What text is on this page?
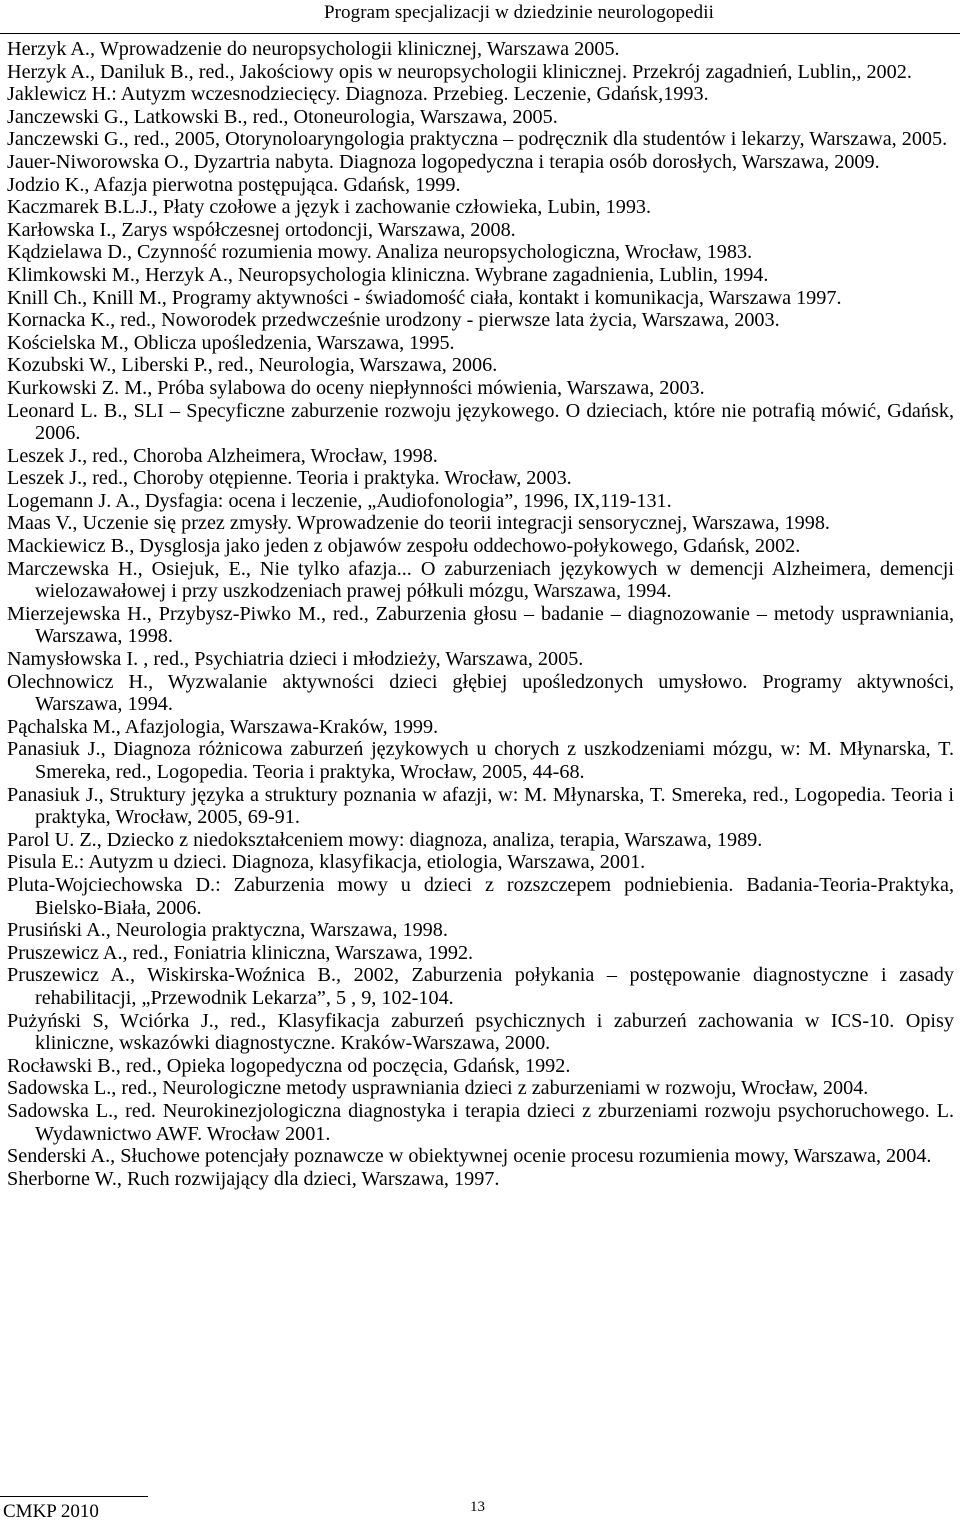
Program specjalizacji w dziedzinie neurologopedii
Herzyk A., Wprowadzenie do neuropsychologii klinicznej, Warszawa 2005.
Herzyk A., Daniluk B., red., Jakościowy opis w neuropsychologii klinicznej. Przekrój zagadnień, Lublin,, 2002.
Jaklewicz H.: Autyzm wczesnodziecięcy. Diagnoza. Przebieg. Leczenie, Gdańsk,1993.
Janczewski G., Latkowski B., red., Otoneurologia, Warszawa, 2005.
Janczewski G., red., 2005, Otorynoloaryngologia praktyczna – podręcznik dla studentów i lekarzy, Warszawa, 2005.
Jauer-Niworowska O., Dyzartria nabyta. Diagnoza logopedyczna i terapia osób dorosłych, Warszawa, 2009.
Jodzio K., Afazja pierwotna postępująca. Gdańsk, 1999.
Kaczmarek B.L.J., Płaty czołowe a język i zachowanie człowieka, Lubin, 1993.
Karłowska I., Zarys współczesnej ortodoncji, Warszawa, 2008.
Kądzielawa D., Czynność rozumienia mowy. Analiza neuropsychologiczna, Wrocław, 1983.
Klimkowski M., Herzyk A., Neuropsychologia kliniczna. Wybrane zagadnienia, Lublin, 1994.
Knill Ch., Knill M., Programy aktywności - świadomość ciała, kontakt i komunikacja, Warszawa 1997.
Kornacka K., red., Noworodek przedwcześnie urodzony - pierwsze lata życia, Warszawa, 2003.
Kościelska M., Oblicza upośledzenia, Warszawa, 1995.
Kozubski W., Liberski P., red., Neurologia, Warszawa, 2006.
Kurkowski Z. M., Próba sylabowa do oceny niepłynności mówienia, Warszawa, 2003.
Leonard L. B., SLI – Specyficzne zaburzenie rozwoju językowego. O dzieciach, które nie potrafią mówić, Gdańsk, 2006.
Leszek J., red., Choroba Alzheimera, Wrocław, 1998.
Leszek J., red., Choroby otępienne. Teoria i praktyka. Wrocław, 2003.
Logemann J. A., Dysfagia: ocena i leczenie, „Audiofonologia”, 1996, IX,119-131.
Maas V., Uczenie się przez zmysły. Wprowadzenie do teorii integracji sensorycznej, Warszawa, 1998.
Mackiewicz B., Dysglosja jako jeden z objawów zespołu oddechowo-połykowego, Gdańsk, 2002.
Marczewska H., Osiejuk, E., Nie tylko afazja... O zaburzeniach językowych w demencji Alzheimera, demencji wielozawałowej i przy uszkodzeniach prawej półkuli mózgu, Warszawa, 1994.
Mierzejewska H., Przybysz-Piwko M., red., Zaburzenia głosu – badanie – diagnozowanie – metody usprawniania, Warszawa, 1998.
Namysłowska I. , red., Psychiatria dzieci i młodzieży, Warszawa, 2005.
Olechnowicz H., Wyzwalanie aktywności dzieci głębiej upośledzonych umysłowo. Programy aktywności, Warszawa, 1994.
Pąchalska M., Afazjologia, Warszawa-Kraków, 1999.
Panasiuk J., Diagnoza różnicowa zaburzeń językowych u chorych z uszkodzeniami mózgu, w: M. Młynarska, T. Smereka, red., Logopedia. Teoria i praktyka, Wrocław, 2005, 44-68.
Panasiuk J., Struktury języka a struktury poznania w afazji, w: M. Młynarska, T. Smereka, red., Logopedia. Teoria i praktyka, Wrocław, 2005, 69-91.
Parol U. Z., Dziecko z niedokształceniem mowy: diagnoza, analiza, terapia, Warszawa, 1989.
Pisula E.: Autyzm u dzieci. Diagnoza, klasyfikacja, etiologia, Warszawa, 2001.
Pluta-Wojciechowska D.: Zaburzenia mowy u dzieci z rozszczepem podniebienia. Badania-Teoria-Praktyka, Bielsko-Biała, 2006.
Prusiński A., Neurologia praktyczna, Warszawa, 1998.
Pruszewicz A., red., Foniatria kliniczna, Warszawa, 1992.
Pruszewicz A., Wiskirska-Woźnica B., 2002, Zaburzenia połykania – postępowanie diagnostyczne i zasady rehabilitacji, „Przewodnik Lekarza”, 5 , 9, 102-104.
Pużyński S, Wciórka J., red., Klasyfikacja zaburzeń psychicznych i zaburzeń zachowania w ICS-10. Opisy kliniczne, wskazówki diagnostyczne. Kraków-Warszawa, 2000.
Rocławski B., red., Opieka logopedyczna od poczęcia, Gdańsk, 1992.
Sadowska L., red., Neurologiczne metody usprawniania dzieci z zaburzeniami w rozwoju, Wrocław, 2004.
Sadowska L., red. Neurokinezjologiczna diagnostyka i terapia dzieci z zburzeniami rozwoju psychoruchowego. L. Wydawnictwo AWF. Wrocław 2001.
Senderski A., Słuchowe potencjały poznawcze w obiektywnej ocenie procesu rozumienia mowy, Warszawa, 2004.
Sherborne W., Ruch rozwijający dla dzieci, Warszawa, 1997.
CMKP 2010	13
